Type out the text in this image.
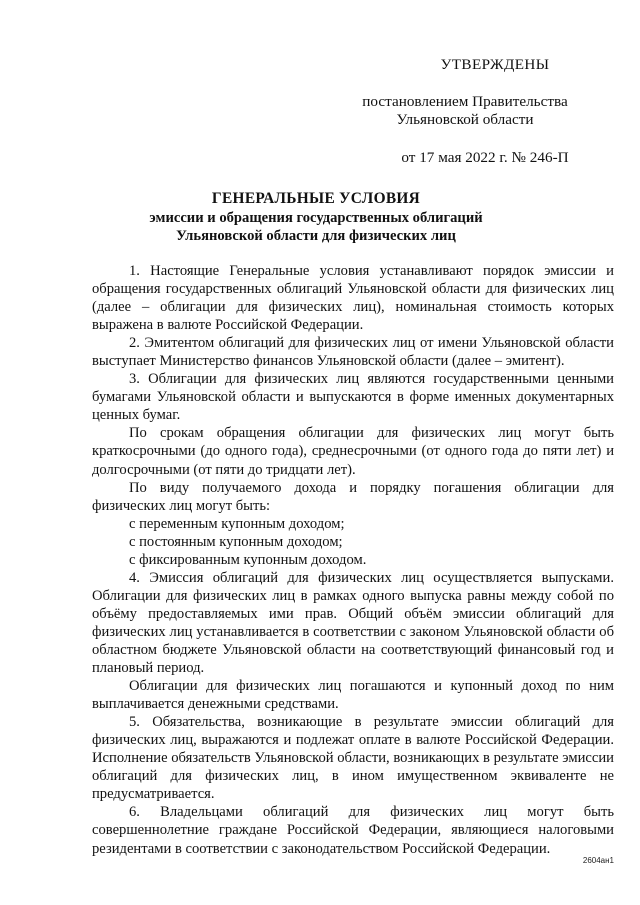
УТВЕРЖДЕНЫ
постановлением Правительства
Ульяновской области
от 17 мая 2022 г. № 246-П
ГЕНЕРАЛЬНЫЕ УСЛОВИЯ
эмиссии и обращения государственных облигаций
Ульяновской области для физических лиц

1. Настоящие Генеральные условия устанавливают порядок эмиссии и обращения государственных облигаций Ульяновской области для физических лиц (далее – облигации для физических лиц), номинальная стоимость которых выражена в валюте Российской Федерации.

2. Эмитентом облигаций для физических лиц от имени Ульяновской области выступает Министерство финансов Ульяновской области (далее – эмитент).

3. Облигации для физических лиц являются государственными ценными бумагами Ульяновской области и выпускаются в форме именных документарных ценных бумаг.

По срокам обращения облигации для физических лиц могут быть краткосрочными (до одного года), среднесрочными (от одного года до пяти лет) и долгосрочными (от пяти до тридцати лет).

По виду получаемого дохода и порядку погашения облигации для физических лиц могут быть:

с переменным купонным доходом;

с постоянным купонным доходом;

с фиксированным купонным доходом.

4. Эмиссия облигаций для физических лиц осуществляется выпусками. Облигации для физических лиц в рамках одного выпуска равны между собой по объёму предоставляемых ими прав. Общий объём эмиссии облигаций для физических лиц устанавливается в соответствии с законом Ульяновской области об областном бюджете Ульяновской области на соответствующий финансовый год и плановый период.

Облигации для физических лиц погашаются и купонный доход по ним выплачивается денежными средствами.

5. Обязательства, возникающие в результате эмиссии облигаций для физических лиц, выражаются и подлежат оплате в валюте Российской Федерации. Исполнение обязательств Ульяновской области, возникающих в результате эмиссии облигаций для физических лиц, в ином имущественном эквиваленте не предусматривается.

6. Владельцами облигаций для физических лиц могут быть совершеннолетние граждане Российской Федерации, являющиеся налоговыми резидентами в соответствии с законодательством Российской Федерации.

2604ан1
